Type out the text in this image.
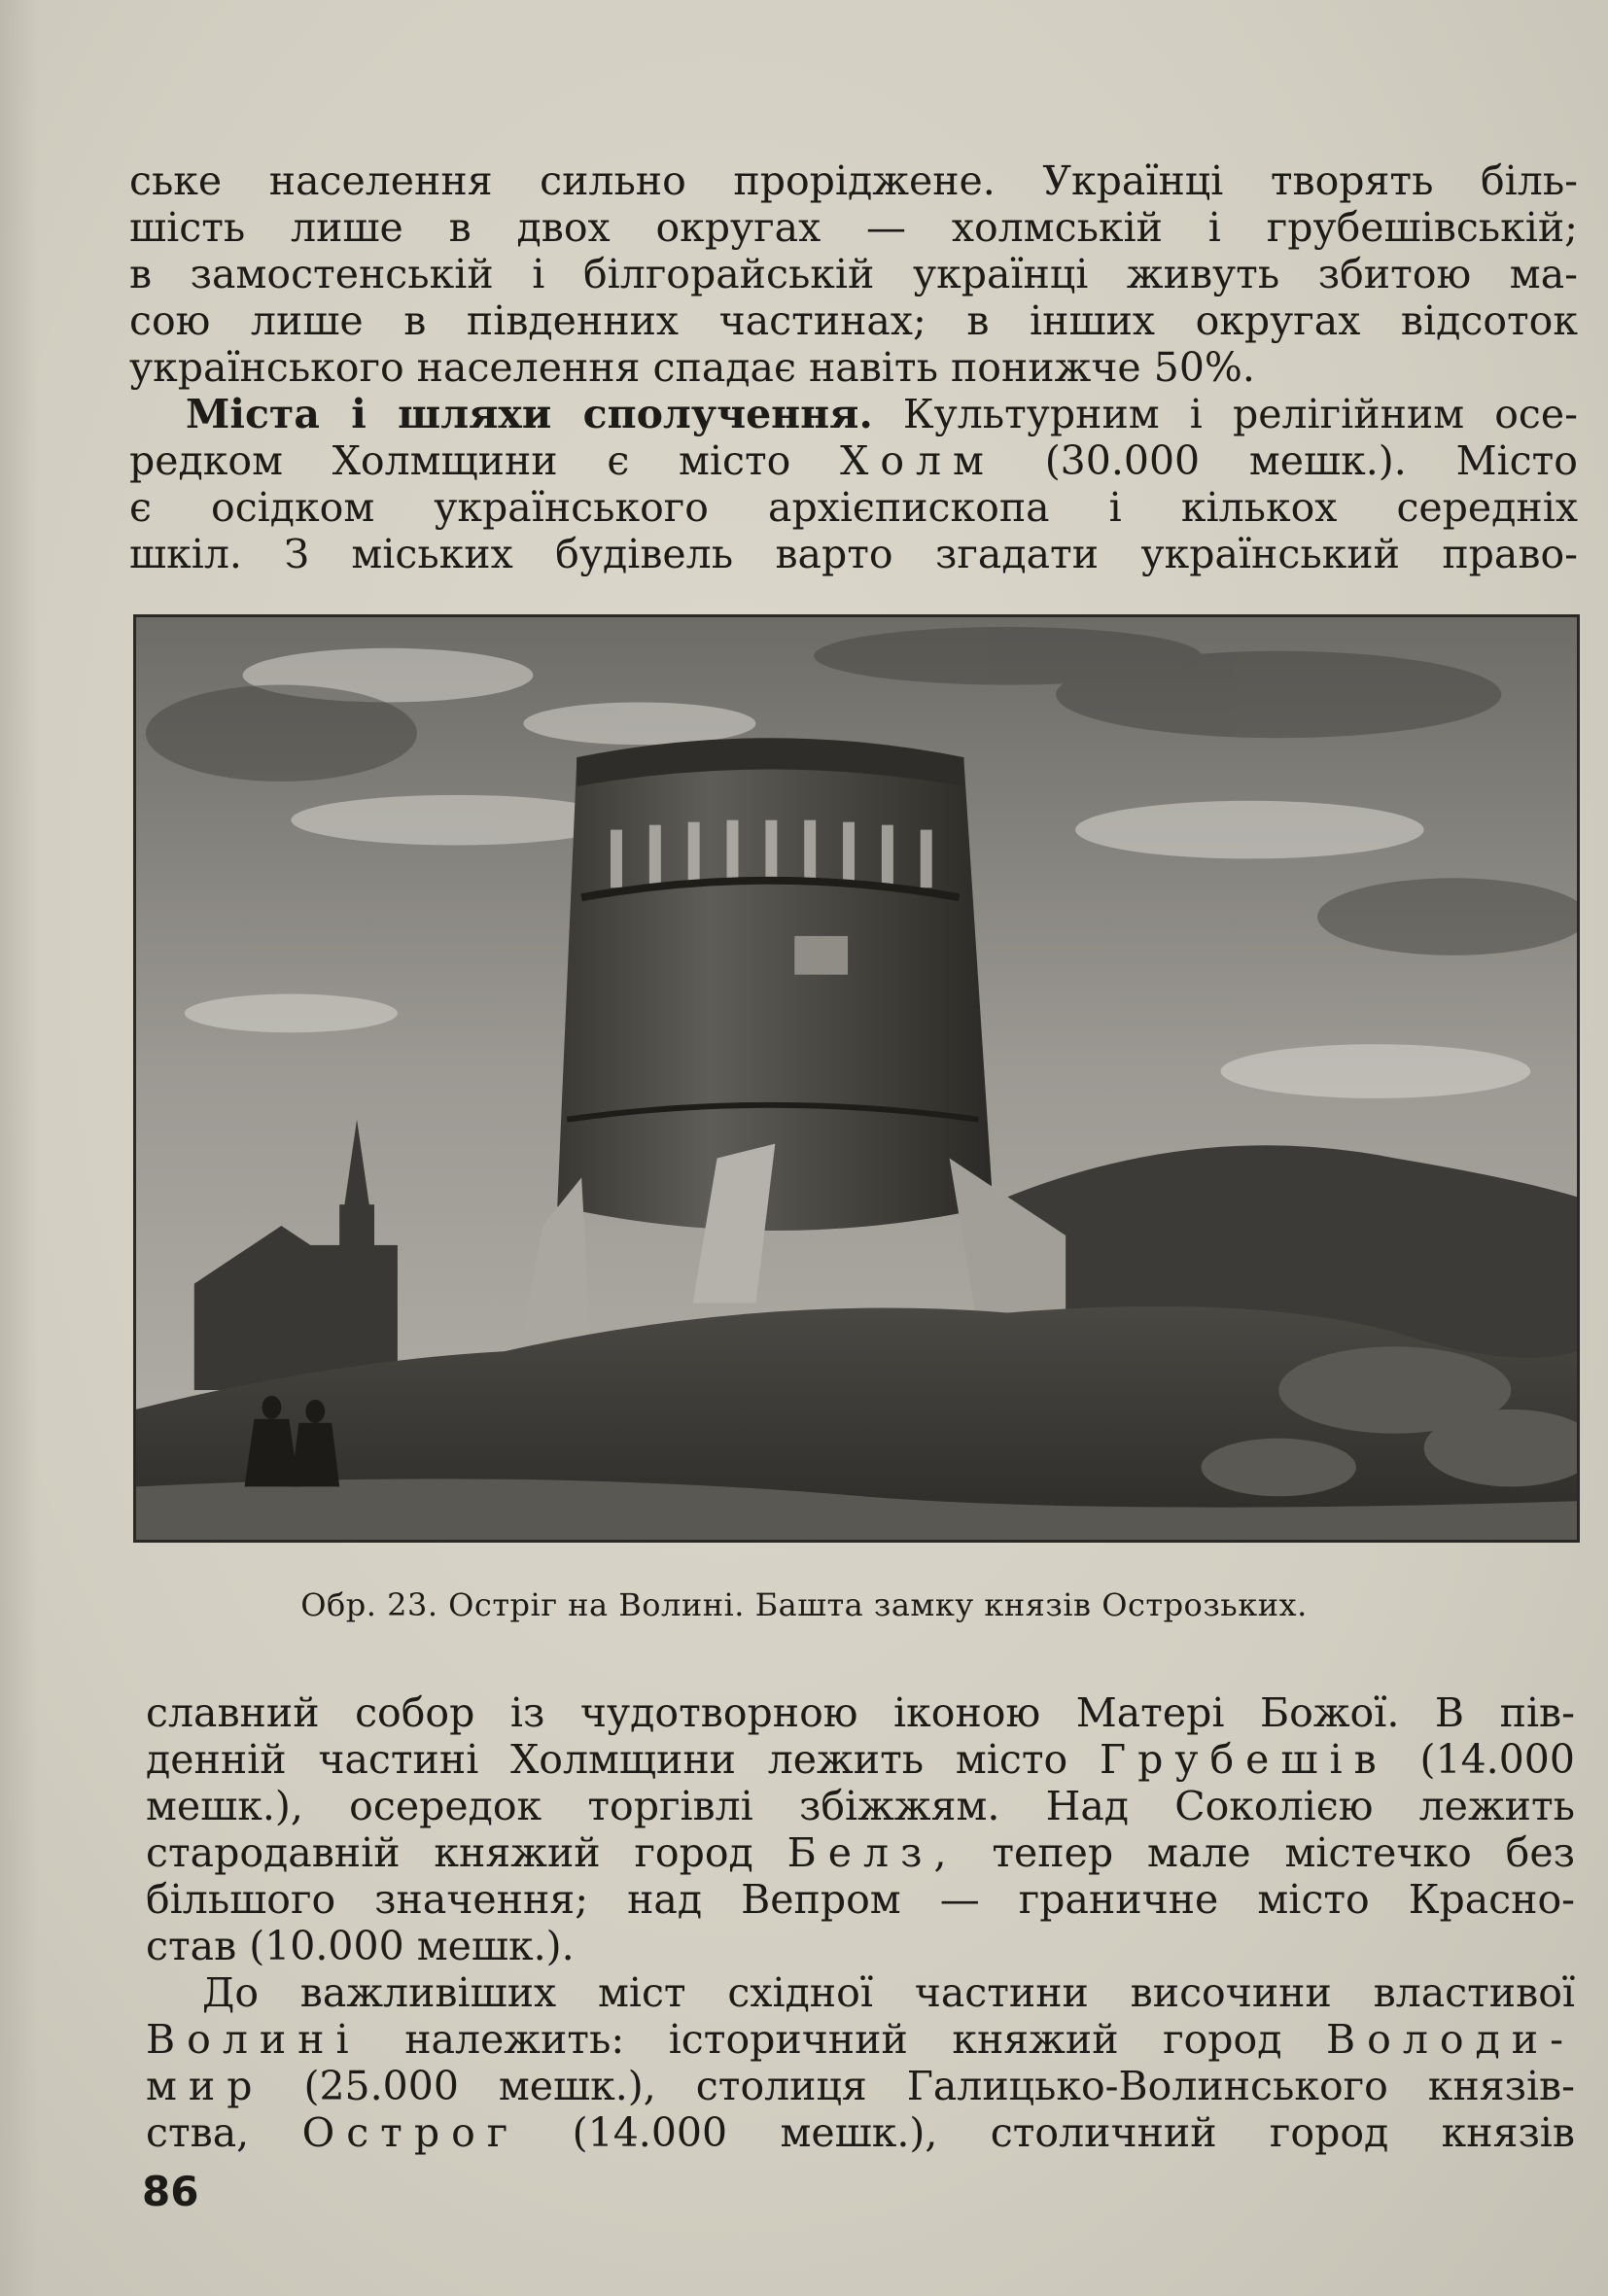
ське населення сильно проріджене. Українці творять біль-
шість лише в двох округах — холмській і грубешівській;
в замостенській і білгорайській українці живуть збитою ма-
сою лише в південних частинах; в інших округах відсоток
українського населення спадає навіть понижче 50%.

Міста і шляхи сполучення. Культурним і релігійним осе-
редком Холмщини є місто Холм (30.000 мешк.). Місто
є осідком українського архієпископа і кількох середніх
шкіл. З міських будівель варто згадати український право-

Обр. 23. Остріг на Волині. Башта замку князів Острозьких.

славний собор із чудотворною іконою Матері Божої. В пів-
денній частині Холмщини лежить місто Грубешів (14.000
мешк.), осередок торгівлі збіжжям. Над Соколією лежить
стародавній княжий город Белз, тепер мале містечко без
більшого значення; над Вепром — граничне місто Красно-
став (10.000 мешк.).

До важливіших міст східної частини височини властивої
Волині належить: історичний княжий город Володи-
мир (25.000 мешк.), столиця Галицько-Волинського князів-
ства, Острог (14.000 мешк.), столичний город князів

86
